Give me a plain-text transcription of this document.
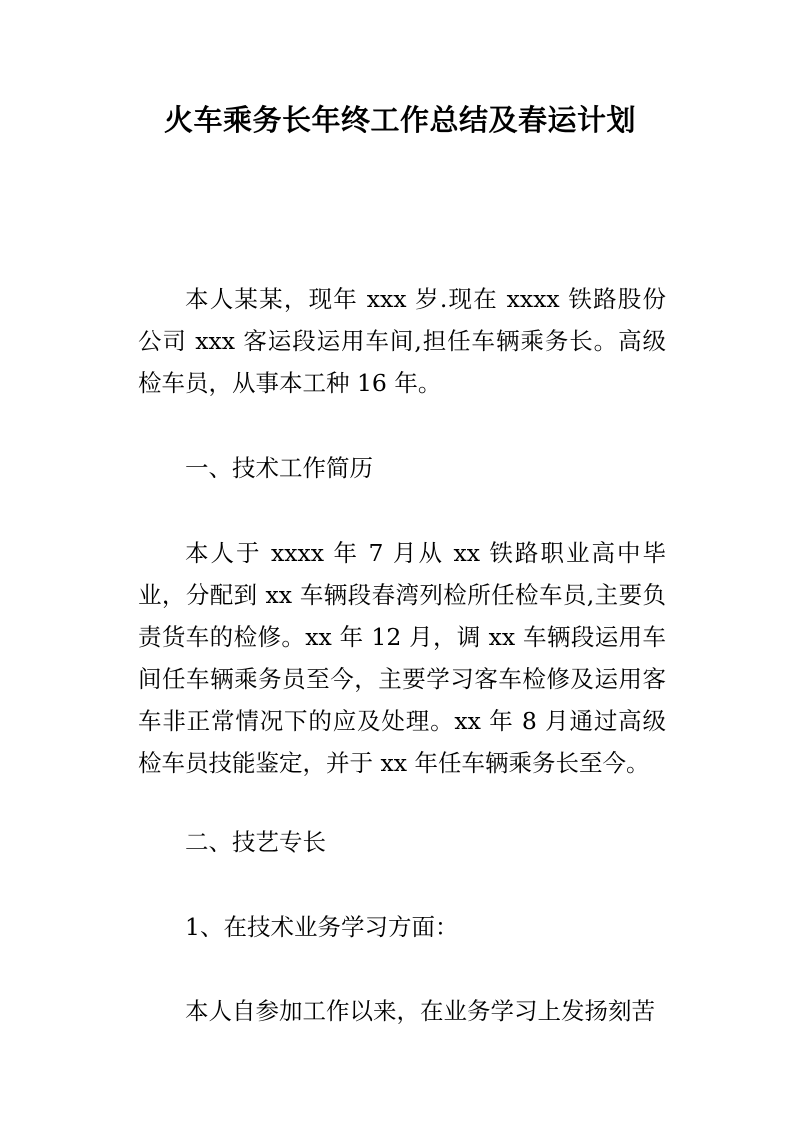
火车乘务长年终工作总结及春运计划

本人某某，现年 xxx 岁.现在 xxxx 铁路股份公司 xxx 客运段运用车间,担任车辆乘务长。高级检车员，从事本工种 16 年。

一、技术工作简历

本人于 xxxx 年 7 月从 xx 铁路职业高中毕业，分配到 xx 车辆段春湾列检所任检车员,主要负责货车的检修。xx 年 12 月，调 xx 车辆段运用车间任车辆乘务员至今，主要学习客车检修及运用客车非正常情况下的应及处理。xx 年 8 月通过高级检车员技能鉴定，并于 xx 年任车辆乘务长至今。

二、技艺专长

1、在技术业务学习方面：

本人自参加工作以来，在业务学习上发扬刻苦
